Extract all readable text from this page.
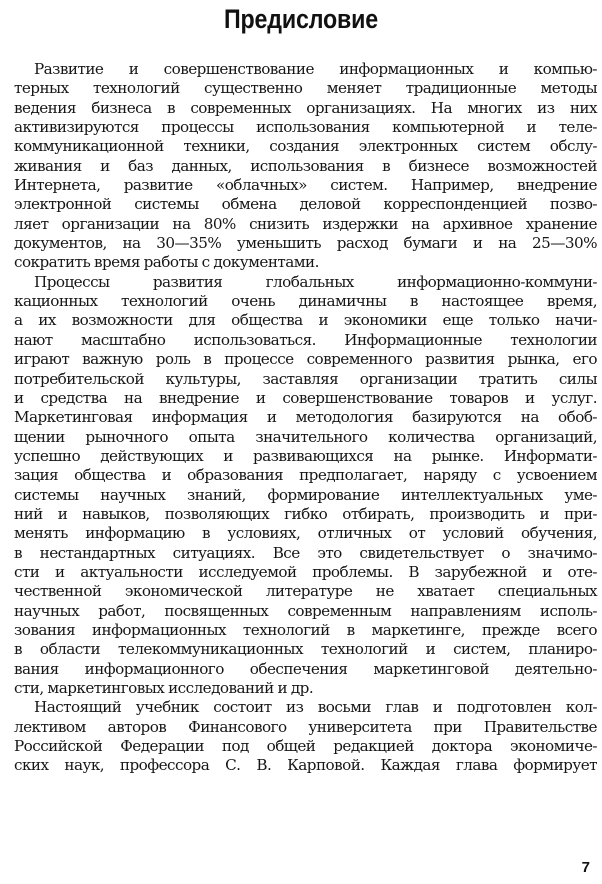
Предисловие
Развитие и совершенствование информационных и компью-
терных технологий существенно меняет традиционные методы
ведения бизнеса в современных организациях. На многих из них
активизируются процессы использования компьютерной и теле-
коммуникационной техники, создания электронных систем обслу-
живания и баз данных, использования в бизнесе возможностей
Интернета, развитие «облачных» систем. Например, внедрение
электронной системы обмена деловой корреспонденцией позво-
ляет организации на 80% снизить издержки на архивное хранение
документов, на 30—35% уменьшить расход бумаги и на 25—30%
сократить время работы с документами.
Процессы развития глобальных информационно-коммуни-
кационных технологий очень динамичны в настоящее время,
а их возможности для общества и экономики еще только начи-
нают масштабно использоваться. Информационные технологии
играют важную роль в процессе современного развития рынка, его
потребительской культуры, заставляя организации тратить силы
и средства на внедрение и совершенствование товаров и услуг.
Маркетинговая информация и методология базируются на обоб-
щении рыночного опыта значительного количества организаций,
успешно действующих и развивающихся на рынке. Информати-
зация общества и образования предполагает, наряду с усвоением
системы научных знаний, формирование интеллектуальных уме-
ний и навыков, позволяющих гибко отбирать, производить и при-
менять информацию в условиях, отличных от условий обучения,
в нестандартных ситуациях. Все это свидетельствует о значимо-
сти и актуальности исследуемой проблемы. В зарубежной и оте-
чественной экономической литературе не хватает специальных
научных работ, посвященных современным направлениям исполь-
зования информационных технологий в маркетинге, прежде всего
в области телекоммуникационных технологий и систем, планиро-
вания информационного обеспечения маркетинговой деятельно-
сти, маркетинговых исследований и др.
Настоящий учебник состоит из восьми глав и подготовлен кол-
лективом авторов Финансового университета при Правительстве
Российской Федерации под общей редакцией доктора экономиче-
ских наук, профессора С. В. Карповой. Каждая глава формирует
7
